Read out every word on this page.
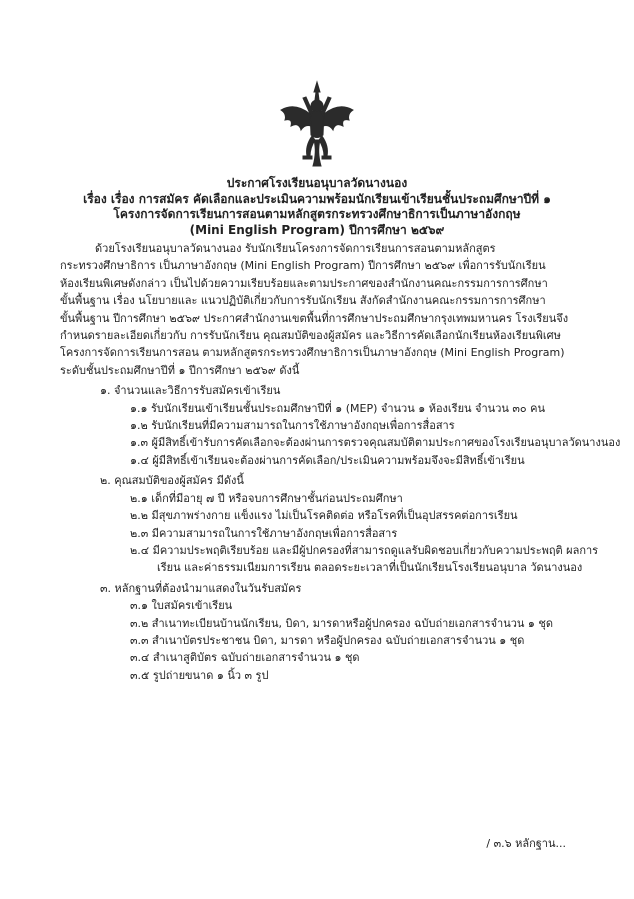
ประกาศโรงเรียนอนุบาลวัดนางนอง
เรื่อง เรื่อง การสมัคร คัดเลือกและประเมินความพร้อมนักเรียนเข้าเรียนชั้นประถมศึกษาปีที่ ๑
โครงการจัดการเรียนการสอนตามหลักสูตรกระทรวงศึกษาธิการเป็นภาษาอังกฤษ
(Mini English Program) ปีการศึกษา ๒๕๖๙

ด้วยโรงเรียนอนุบาลวัดนางนอง รับนักเรียนโครงการจัดการเรียนการสอนตามหลักสูตร

กระทรวงศึกษาธิการ เป็นภาษาอังกฤษ (Mini English Program) ปีการศึกษา ๒๕๖๙ เพื่อการรับนักเรียน

ห้องเรียนพิเศษดังกล่าว เป็นไปด้วยความเรียบร้อยและตามประกาศของสำนักงานคณะกรรมการการศึกษา

ขั้นพื้นฐาน เรื่อง นโยบายและ แนวปฏิบัติเกี่ยวกับการรับนักเรียน สังกัดสำนักงานคณะกรรมการการศึกษา

ขั้นพื้นฐาน ปีการศึกษา ๒๕๖๙ ประกาศสำนักงานเขตพื้นที่การศึกษาประถมศึกษากรุงเทพมหานคร โรงเรียนจึง

กำหนดรายละเอียดเกี่ยวกับ การรับนักเรียน คุณสมบัติของผู้สมัคร และวิธีการคัดเลือกนักเรียนห้องเรียนพิเศษ

โครงการจัดการเรียนการสอน ตามหลักสูตรกระทรวงศึกษาธิการเป็นภาษาอังกฤษ (Mini English Program)

ระดับชั้นประถมศึกษาปีที่ ๑ ปีการศึกษา ๒๕๖๙ ดังนี้

๑. จำนวนและวิธีการรับสมัครเข้าเรียน
๑.๑ รับนักเรียนเข้าเรียนชั้นประถมศึกษาปีที่ ๑ (MEP) จำนวน ๑ ห้องเรียน จำนวน ๓๐ คน
๑.๒ รับนักเรียนที่มีความสามารถในการใช้ภาษาอังกฤษเพื่อการสื่อสาร
๑.๓ ผู้มีสิทธิ์เข้ารับการคัดเลือกจะต้องผ่านการตรวจคุณสมบัติตามประกาศของโรงเรียนอนุบาลวัดนางนอง
๑.๔ ผู้มีสิทธิ์เข้าเรียนจะต้องผ่านการคัดเลือก/ประเมินความพร้อมจึงจะมีสิทธิ์เข้าเรียน
๒. คุณสมบัติของผู้สมัคร มีดังนี้
๒.๑ เด็กที่มีอายุ ๗ ปี หรือจบการศึกษาชั้นก่อนประถมศึกษา
๒.๒ มีสุขภาพร่างกาย แข็งแรง ไม่เป็นโรคติดต่อ หรือโรคที่เป็นอุปสรรคต่อการเรียน
๒.๓ มีความสามารถในการใช้ภาษาอังกฤษเพื่อการสื่อสาร
๒.๔ มีความประพฤติเรียบร้อย และมีผู้ปกครองที่สามารถดูแลรับผิดชอบเกี่ยวกับความประพฤติ ผลการเรียน และค่าธรรมเนียมการเรียน ตลอดระยะเวลาที่เป็นนักเรียนโรงเรียนอนุบาล วัดนางนอง
๓. หลักฐานที่ต้องนำมาแสดงในวันรับสมัคร
๓.๑ ใบสมัครเข้าเรียน
๓.๒ สำเนาทะเบียนบ้านนักเรียน, บิดา, มารดาหรือผู้ปกครอง ฉบับถ่ายเอกสารจำนวน ๑ ชุด
๓.๓ สำเนาบัตรประชาชน บิดา, มารดา หรือผู้ปกครอง ฉบับถ่ายเอกสารจำนวน ๑ ชุด
๓.๔ สำเนาสูติบัตร ฉบับถ่ายเอกสารจำนวน ๑ ชุด
๓.๕ รูปถ่ายขนาด ๑ นิ้ว ๓ รูป
/ ๓.๖ หลักฐาน...
